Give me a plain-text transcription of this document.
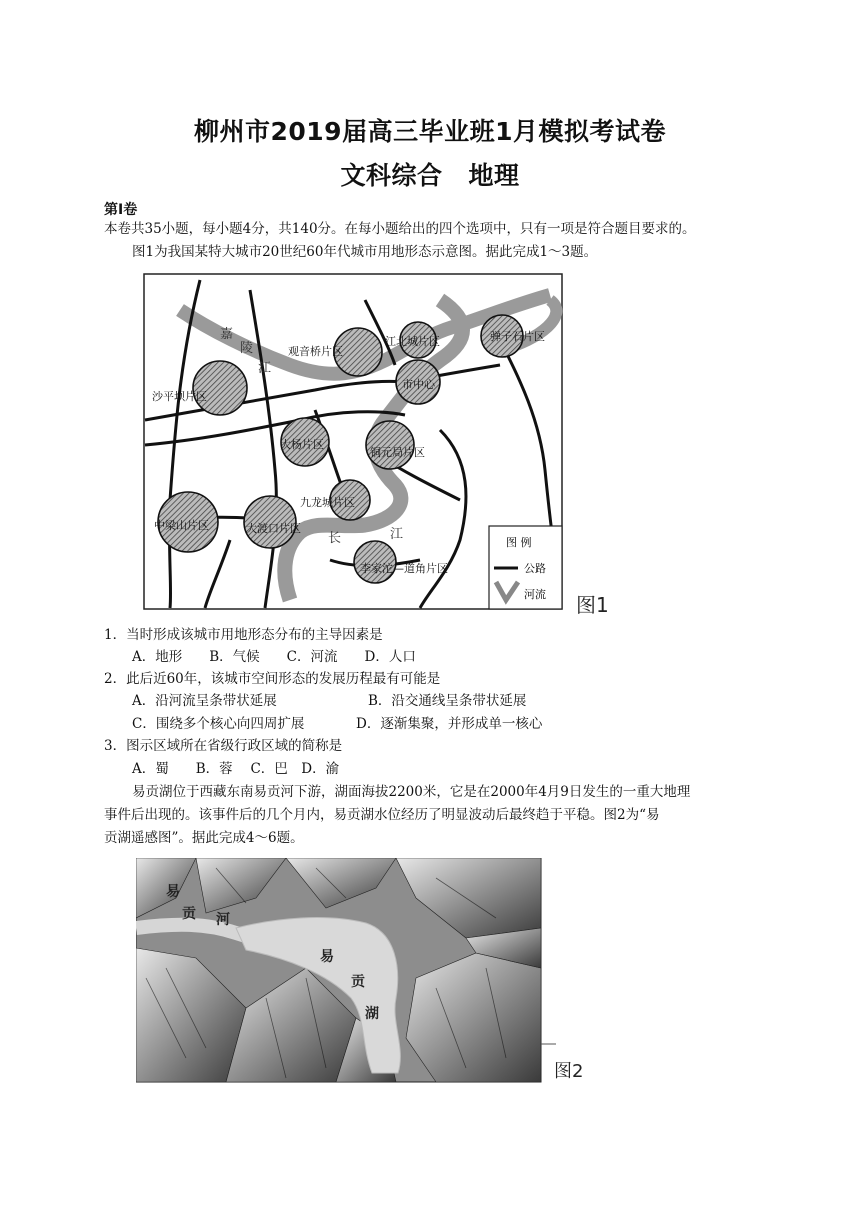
柳州市2019届高三毕业班1月模拟考试卷
文科综合 地理
第Ⅰ卷
本卷共35小题，每小题4分，共140分。在每小题给出的四个选项中，只有一项是符合题目要求的。
图1为我国某特大城市20世纪60年代城市用地形态示意图。据此完成1～3题。
嘉
陵
江
长	江
观音桥片区
江北城片区	弹子石片区
沙平坝片区
市中心
大杨片区
铜元局片区
九龙城片区
中梁山片区	大渡口片区
李家沱—道角片区
图 例
公路
河流 图1
1．当时形成该城市用地形态分布的主导因素是
A．地形　　B．气候　　C．河流　　D．人口
2．此后近60年，该城市空间形态的发展历程最有可能是
A．沿河流呈条带状延展	B．沿交通线呈条带状延展
C．围绕多个核心向四周扩展	D．逐渐集聚，并形成单一核心
3．图示区域所在省级行政区域的简称是
A．蜀　　B．蓉　 C．巴　D．渝
易贡湖位于西藏东南易贡河下游，湖面海拔2200米，它是在2000年4月9日发生的一重大地理
事件后出现的。该事件后的几个月内，易贡湖水位经历了明显波动后最终趋于平稳。图2为“易
贡湖遥感图”。据此完成4～6题。
易
贡 河
易
贡
湖
图2
